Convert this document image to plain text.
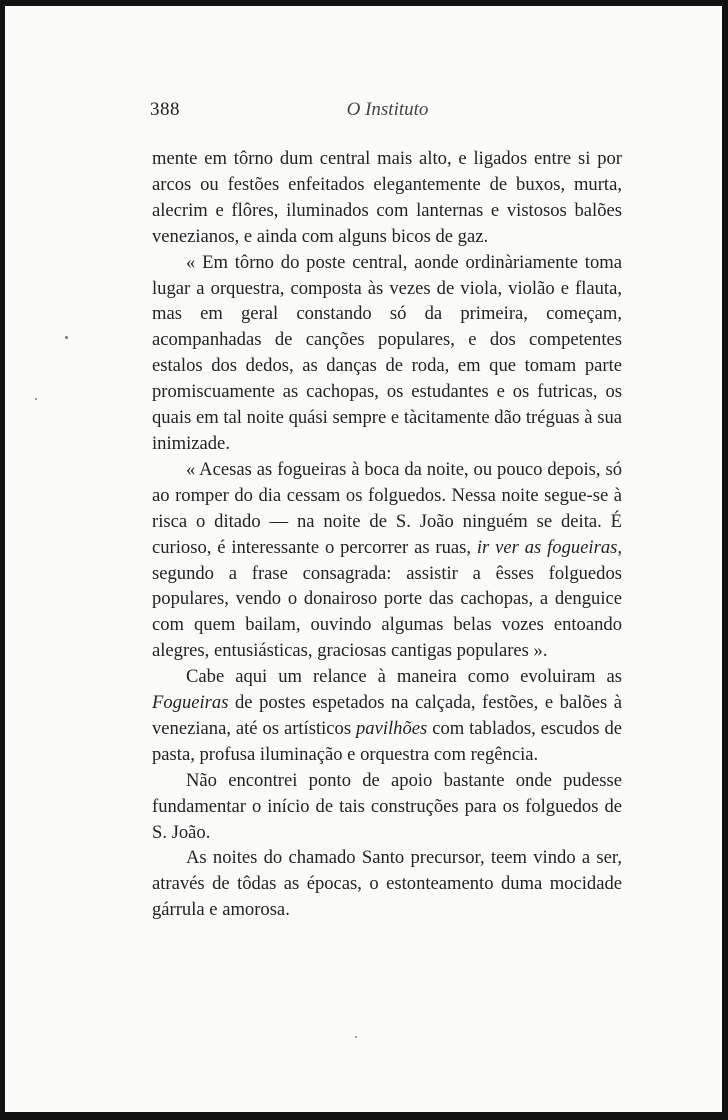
388	O Instituto

mente em tôrno dum central mais alto, e ligados entre si por arcos ou festões enfeitados elegantemente de buxos, murta, alecrim e flôres, iluminados com lanternas e vistosos balões venezianos, e ainda com alguns bicos de gaz.

« Em tôrno do poste central, aonde ordinàriamente toma lugar a orquestra, composta às vezes de viola, violão e flauta, mas em geral constando só da primeira, começam, acompanhadas de canções populares, e dos competentes estalos dos dedos, as danças de roda, em que tomam parte promiscuamente as cachopas, os estudantes e os futricas, os quais em tal noite quási sempre e tàcitamente dão tréguas à sua inimizade.

« Acesas as fogueiras à boca da noite, ou pouco depois, só ao romper do dia cessam os folguedos. Nessa noite segue-se à risca o ditado — na noite de S. João ninguém se deita. É curioso, é interessante o percorrer as ruas, ir ver as fogueiras, segundo a frase consagrada: assistir a êsses folguedos populares, vendo o donairoso porte das cachopas, a denguice com quem bailam, ouvindo algumas belas vozes entoando alegres, entusiásticas, graciosas cantigas populares ».

Cabe aqui um relance à maneira como evoluiram as Fogueiras de postes espetados na calçada, festões, e balões à veneziana, até os artísticos pavilhões com tablados, escudos de pasta, profusa iluminação e orquestra com regência.

Não encontrei ponto de apoio bastante onde pudesse fundamentar o início de tais construções para os folguedos de S. João.

As noites do chamado Santo precursor, teem vindo a ser, através de tôdas as épocas, o estonteamento duma mocidade gárrula e amorosa.
